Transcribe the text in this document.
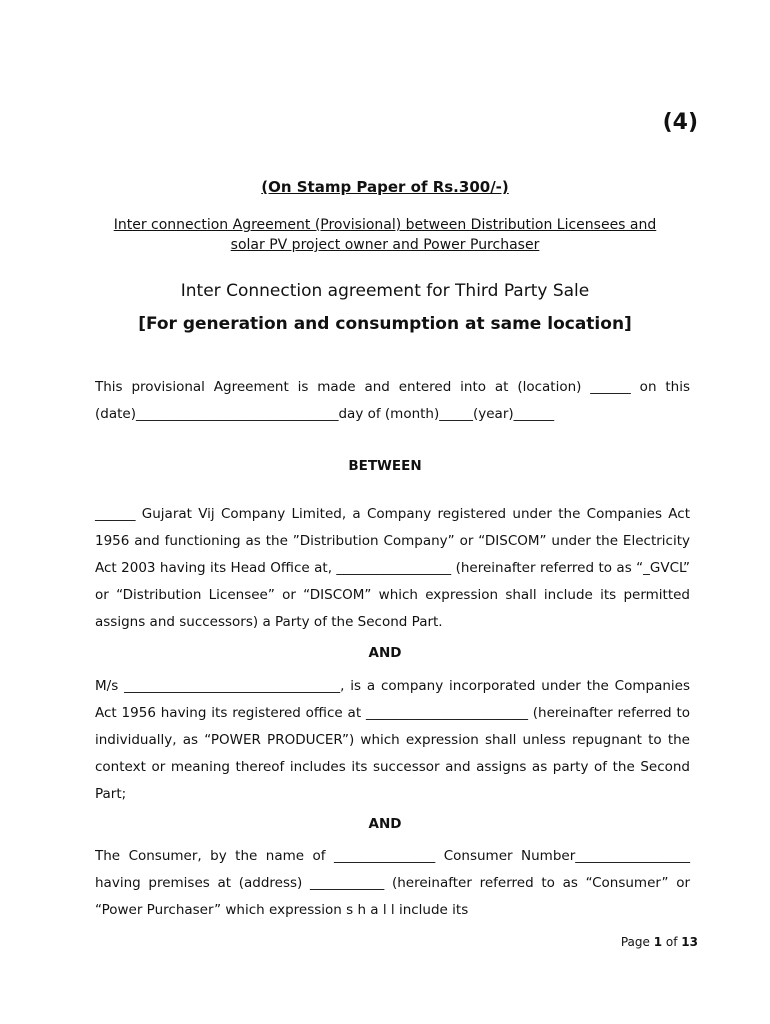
(4)
(On Stamp Paper of Rs.300/-)
Inter connection Agreement (Provisional) between Distribution Licensees and
solar PV project owner and Power Purchaser
Inter Connection agreement for Third Party Sale
[For generation and consumption at same location]
This provisional Agreement is made and entered into at (location) ______ on this (date)______________________________day of (month)_____(year)______
BETWEEN
______ Gujarat Vij Company Limited, a Company registered under the Companies Act 1956 and functioning as the ”Distribution Company” or “DISCOM” under the Electricity Act 2003 having its Head Office at, _________________ (hereinafter referred to as “_GVCL” or “Distribution Licensee” or “DISCOM” which expression shall include its permitted assigns and successors) a Party of the Second Part.
AND
M/s ________________________________, is a company incorporated under the Companies Act 1956 having its registered office at ________________________ (hereinafter referred to individually, as “POWER PRODUCER”) which expression shall unless repugnant to the context or meaning thereof includes its successor and assigns as party of the Second Part;
AND
The Consumer, by the name of _______________ Consumer Number_________________ having premises at (address) ___________ (hereinafter referred to as “Consumer” or “Power Purchaser” which expression s h a l l include its
Page 1 of 13
